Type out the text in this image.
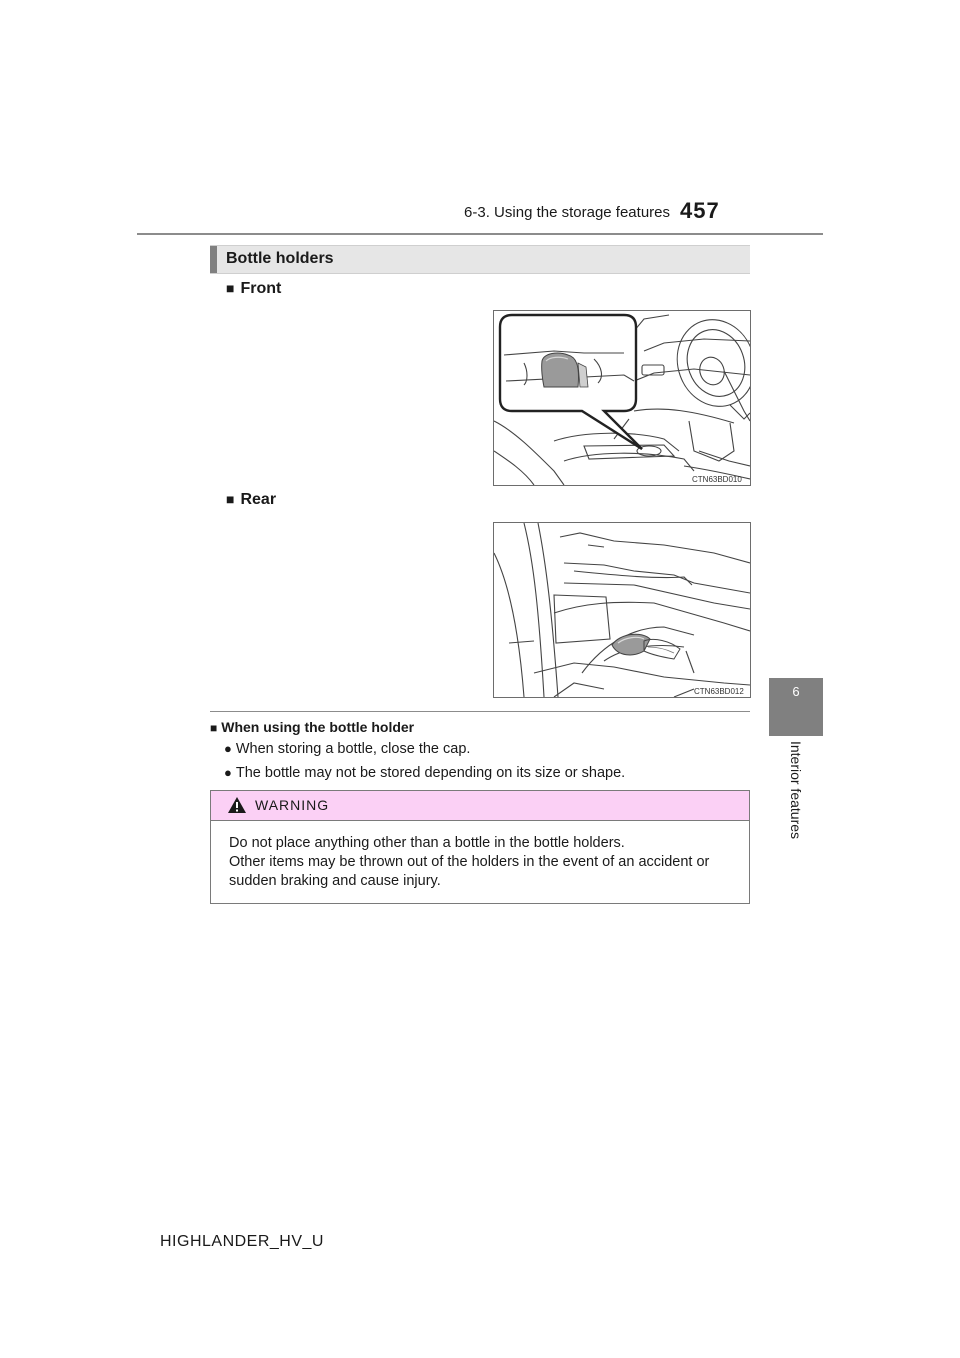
6-3. Using the storage features 457
6
Interior features
Bottle holders
■ Front
CTN63BD010
■ Rear
CTN63BD012
■ When using the bottle holder
● When storing a bottle, close the cap.
● The bottle may not be stored depending on its size or shape.
WARNING
Do not place anything other than a bottle in the bottle holders.
Other items may be thrown out of the holders in the event of an accident or
sudden braking and cause injury.
HIGHLANDER_HV_U
